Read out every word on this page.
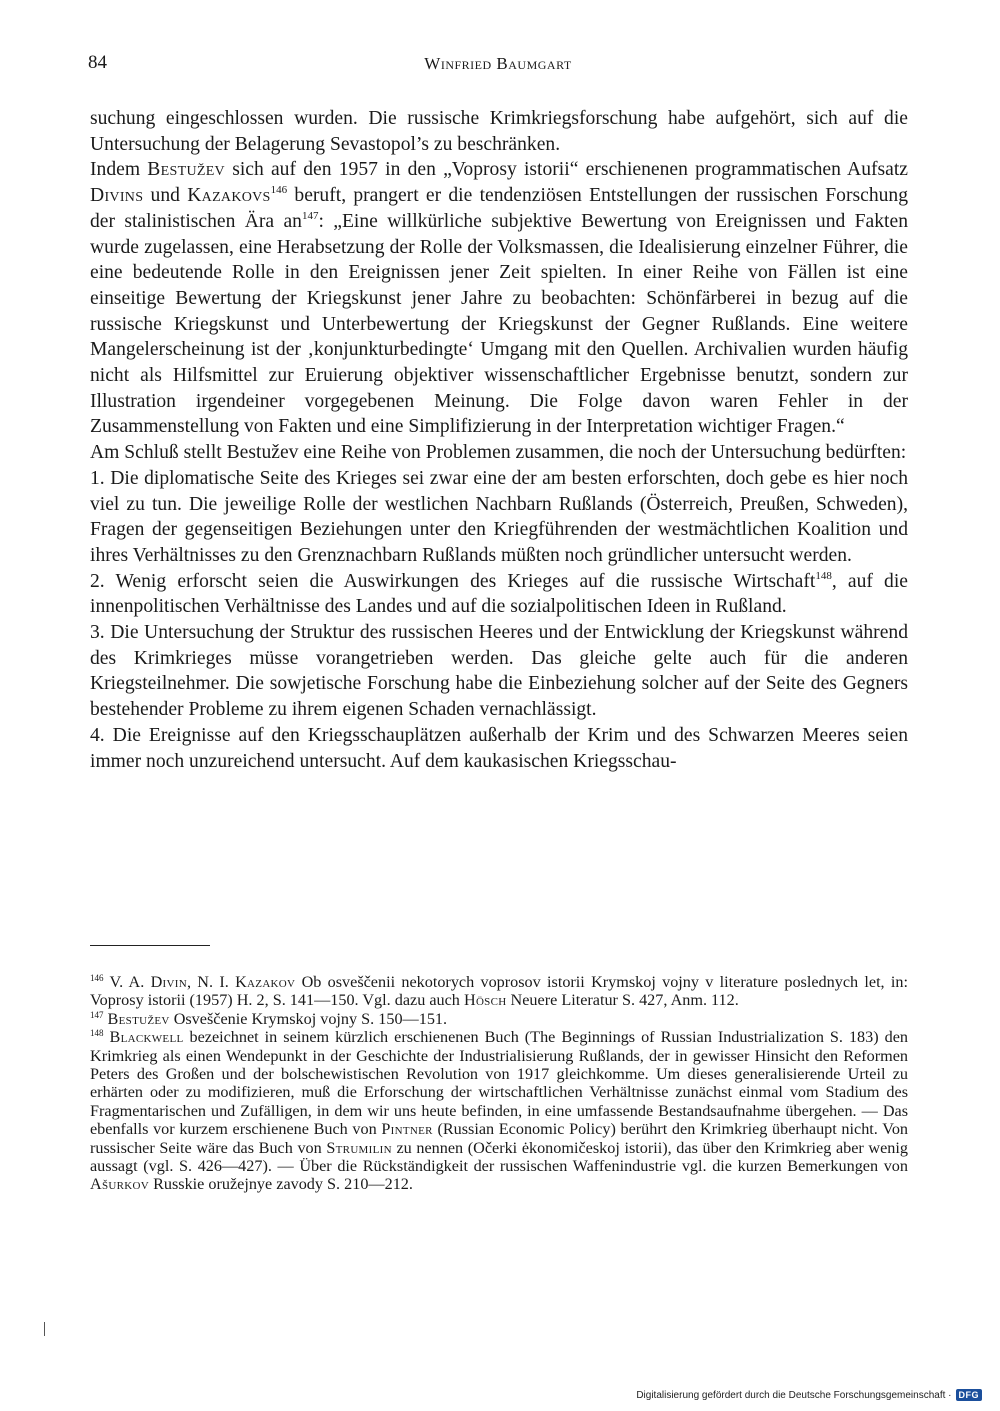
84	Winfried Baumgart

suchung eingeschlossen wurden. Die russische Krimkriegsforschung habe aufgehört, sich auf die Untersuchung der Belagerung Sevastopol’s zu beschränken.

Indem Bestužev sich auf den 1957 in den „Voprosy istorii“ erschienenen programmatischen Aufsatz Divins und Kazakovs$^{146}$ beruft, prangert er die tendenziösen Entstellungen der russischen Forschung der stalinistischen Ära $an^{147}$: „Eine willkürliche subjektive Bewertung von Ereignissen und Fakten wurde zugelassen, eine Herabsetzung der Rolle der Volksmassen, die Idealisierung einzelner Führer, die eine bedeutende Rolle in den Ereignissen jener Zeit spielten. In einer Reihe von Fällen ist eine einseitige Bewertung der Kriegskunst jener Jahre zu beobachten: Schönfärberei in bezug auf die russische Kriegskunst und Unterbewertung der Kriegskunst der Gegner Rußlands. Eine weitere Mangelerscheinung ist der ‚konjunkturbedingte‘ Umgang mit den Quellen. Archivalien wurden häufig nicht als Hilfsmittel zur Eruierung objektiver wissenschaftlicher Ergebnisse benutzt, sondern zur Illustration irgendeiner vorgegebenen Meinung. Die Folge davon waren Fehler in der Zusammenstellung von Fakten und eine Simplifizierung in der Interpretation wichtiger Fragen.“

Am Schluß stellt Bestužev eine Reihe von Problemen zusammen, die noch der Untersuchung bedürften:

1. Die diplomatische Seite des Krieges sei zwar eine der am besten erforschten, doch gebe es hier noch viel zu tun. Die jeweilige Rolle der westlichen Nachbarn Rußlands (Österreich, Preußen, Schweden), Fragen der gegenseitigen Beziehungen unter den Kriegführenden der westmächtlichen Koalition und ihres Verhältnisses zu den Grenznachbarn Rußlands müßten noch gründlicher untersucht werden.

2. Wenig erforscht seien die Auswirkungen des Krieges auf die russische Wirtschaft$^{148}$, auf die innenpolitischen Verhältnisse des Landes und auf die sozialpolitischen Ideen in Rußland.

3. Die Untersuchung der Struktur des russischen Heeres und der Entwicklung der Kriegskunst während des Krimkrieges müsse vorangetrieben werden. Das gleiche gelte auch für die anderen Kriegsteilnehmer. Die sowjetische Forschung habe die Einbeziehung solcher auf der Seite des Gegners bestehender Probleme zu ihrem eigenen Schaden vernachlässigt.

4. Die Ereignisse auf den Kriegsschauplätzen außerhalb der Krim und des Schwarzen Meeres seien immer noch unzureichend untersucht. Auf dem kaukasischen Kriegsschau-

$^{146}$ V. A. Divin, N. I. Kazakov Ob osveščenii nekotorych voprosov istorii Krymskoj vojny v literature poslednych let, in: Voprosy istorii (1957) H. 2, S. 141—150. Vgl. dazu auch Hösch Neuere Literatur S. 427, Anm. 112.

$^{147}$ Bestužev Osveščenie Krymskoj vojny S. 150—151.

$^{148}$ Blackwell bezeichnet in seinem kürzlich erschienenen Buch (The Beginnings of Russian Industrialization S. 183) den Krimkrieg als einen Wendepunkt in der Geschichte der Industrialisierung Rußlands, der in gewisser Hinsicht den Reformen Peters des Großen und der bolschewistischen Revolution von 1917 gleichkomme. Um dieses generalisierende Urteil zu erhärten oder zu modifizieren, muß die Erforschung der wirtschaftlichen Verhältnisse zunächst einmal vom Stadium des Fragmentarischen und Zufälligen, in dem wir uns heute befinden, in eine umfassende Bestandsaufnahme übergehen. — Das ebenfalls vor kurzem erschienene Buch von Pintner (Russian Economic Policy) berührt den Krimkrieg überhaupt nicht. Von russischer Seite wäre das Buch von Strumilin zu nennen (Očerki ėkonomičeskoj istorii), das über den Krimkrieg aber wenig aussagt (vgl. S. 426—427). — Über die Rückständigkeit der russischen Waffenindustrie vgl. die kurzen Bemerkungen von Ašurkov Russkie oružejnye zavody S. 210—212.

Digitalisierung gefördert durch die Deutsche Forschungsgemeinschaft · DFG
